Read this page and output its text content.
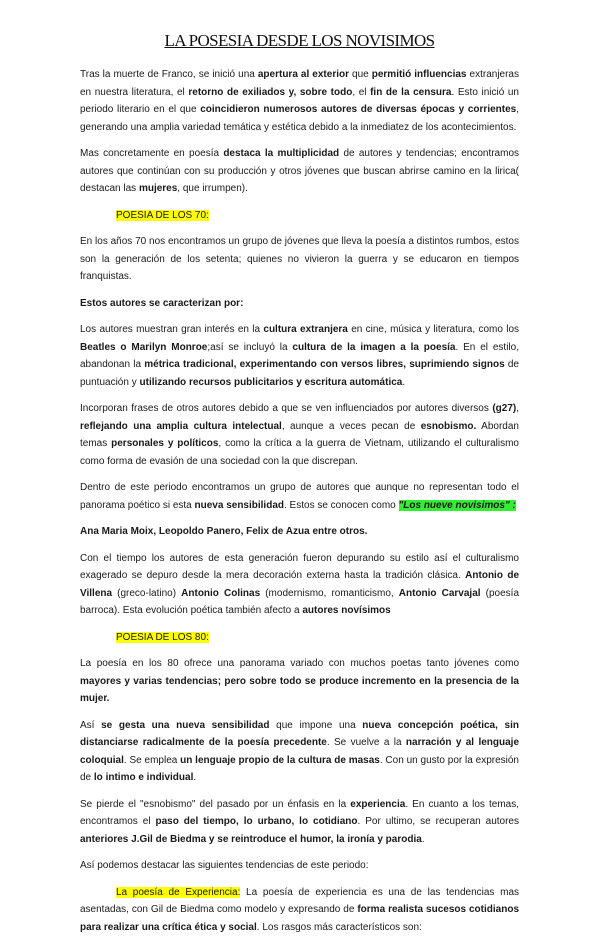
LA POSESIA DESDE LOS NOVISIMOS

Tras la muerte de Franco, se inició una apertura al exterior que permitió influencias extranjeras en nuestra literatura, el retorno de exiliados y, sobre todo, el fin de la censura. Esto inició un periodo literario en el que coincidieron numerosos autores de diversas épocas y corrientes, generando una amplia variedad temática y estética debido a la inmediatez de los acontecimientos.

Mas concretamente en poesía destaca la multiplicidad de autores y tendencias; encontramos autores que continúan con su producción y otros jóvenes que buscan abrirse camino en la lirica( destacan las mujeres, que irrumpen).

POESIA DE LOS 70:

En los años 70 nos encontramos un grupo de jóvenes que lleva la poesía a distintos rumbos, estos son la generación de los setenta; quienes no vivieron la guerra y se educaron en tiempos franquistas.

Estos autores se caracterizan por:

Los autores muestran gran interés en la cultura extranjera en cine, música y literatura, como los Beatles o Marilyn Monroe;así se incluyó la cultura de la imagen a la poesía. En el estilo, abandonan la métrica tradicional, experimentando con versos libres, suprimiendo signos de puntuación y utilizando recursos publicitarios y escritura automática.

Incorporan frases de otros autores debido a que se ven influenciados por autores diversos (g27), reflejando una amplia cultura intelectual, aunque a veces pecan de esnobismo. Abordan temas personales y políticos, como la crítica a la guerra de Vietnam, utilizando el culturalismo como forma de evasión de una sociedad con la que discrepan.

Dentro de este periodo encontramos un grupo de autores que aunque no representan todo el panorama poético si esta nueva sensibilidad. Estos se conocen como "Los nueve novisimos" :

Ana Maria Moix, Leopoldo Panero, Felix de Azua entre otros.

Con el tiempo los autores de esta generación fueron depurando su estilo así el culturalismo exagerado se depuro desde la mera decoración externa hasta la tradición clásica. Antonio de Villena (greco-latino) Antonio Colinas (modernismo, romanticismo, Antonio Carvajal (poesía barroca). Esta evolución poética también afecto a autores novísimos

POESIA DE LOS 80:

La poesía en los 80 ofrece una panorama variado con muchos poetas tanto jóvenes como mayores y varias tendencias; pero sobre todo se produce incremento en la presencia de la mujer.

Así se gesta una nueva sensibilidad que impone una nueva concepción poética, sin distanciarse radicalmente de la poesía precedente. Se vuelve a la narración y al lenguaje coloquial. Se emplea un lenguaje propio de la cultura de masas. Con un gusto por la expresión de lo intimo e individual.

Se pierde el "esnobismo" del pasado por un énfasis en la experiencia. En cuanto a los temas, encontramos el paso del tiempo, lo urbano, lo cotidiano. Por ultimo, se recuperan autores anteriores J.Gil de Biedma y se reintroduce el humor, la ironía y parodia.

Así podemos destacar las siguientes tendencias de este periodo:

La poesía de Experiencia: La poesía de experiencia es una de las tendencias mas asentadas, con Gil de Biedma como modelo y expresando de forma realista sucesos cotidianos para realizar una crítica ética y social. Los rasgos más característicos son:
